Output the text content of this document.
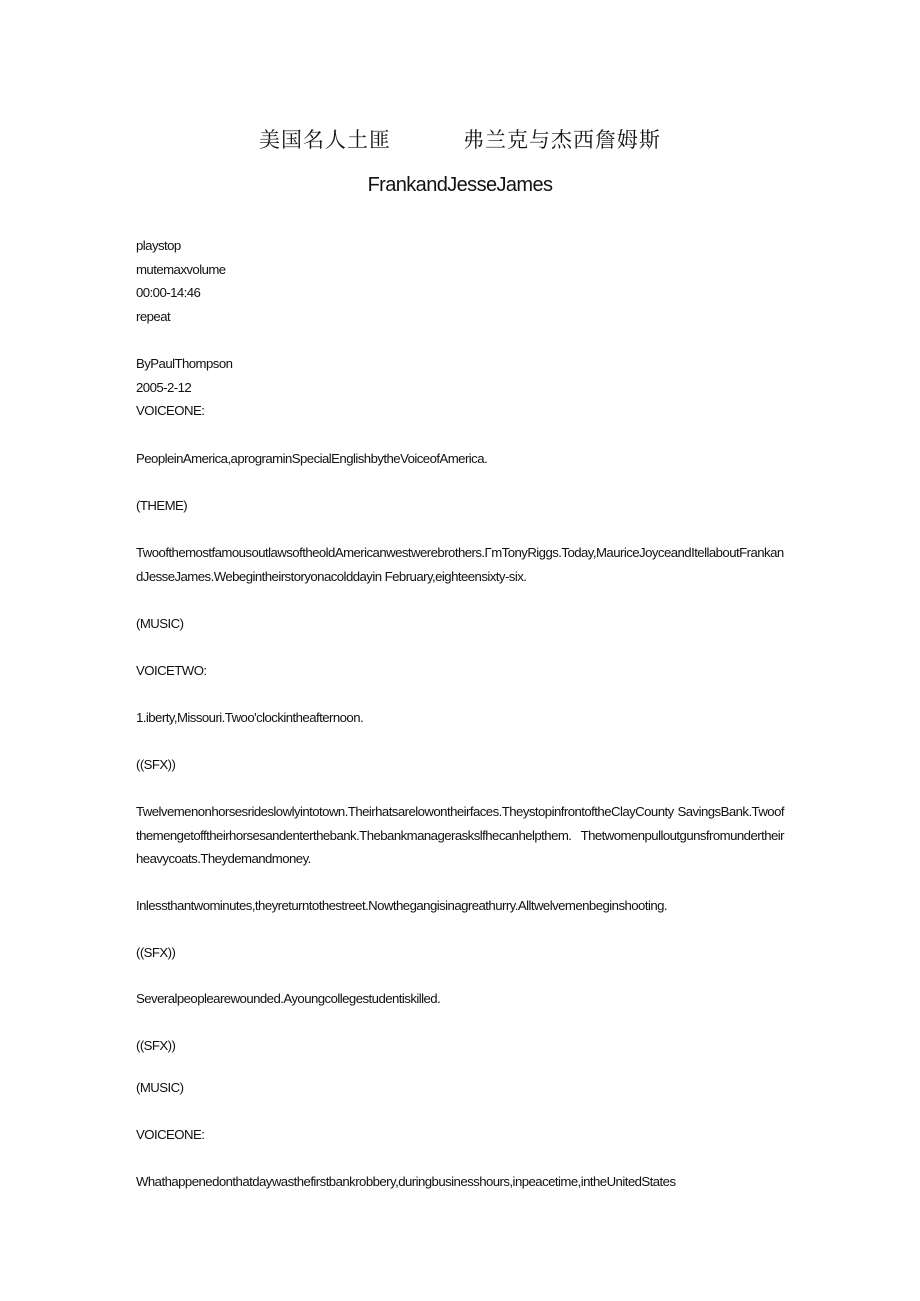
美国名人土匪	弗兰克与杰西詹姆斯
FrankandJesseJames
playstop
mutemaxvolume
00:00-14:46
repeat
ByPaulThompson
2005-2-12
VOICEONE:
PeopleinAmerica,aprograminSpecialEnglishbytheVoiceofAmerica.
(THEME)
TwoofthemostfamousoutlawsoftheoldAmericanwestwerebrothers.ΓmTonyRiggs.Today,MauriceJoyceandItellaboutFrankandJesseJames.Webegintheirstoryonacolddayin February,eighteensixty-six.
(MUSIC)
VOICETWO:
1.iberty,Missouri.Twoo'clockintheafternoon.
((SFX))
Twelvemenonhorsesrideslowlyintotown.Theirhatsarelowontheirfaces.TheystopinfrontoftheClayCounty SavingsBank.Twoofthemengetofftheirhorsesandenterthebank.Thebankmanageraskslfhecanhelpthem. Thetwomenpulloutgunsfromundertheirheavycoats.Theydemandmoney.
Inlessthantwominutes,theyreturntothestreet.Nowthegangisinagreathurry.Alltwelvemenbeginshooting.
((SFX))
Severalpeoplearewounded.Ayoungcollegestudentiskilled.
((SFX))
(MUSIC)
VOICEONE:
Whathappenedonthatdaywasthefirstbankrobbery,duringbusinesshours,inpeacetime,intheUnitedStates
